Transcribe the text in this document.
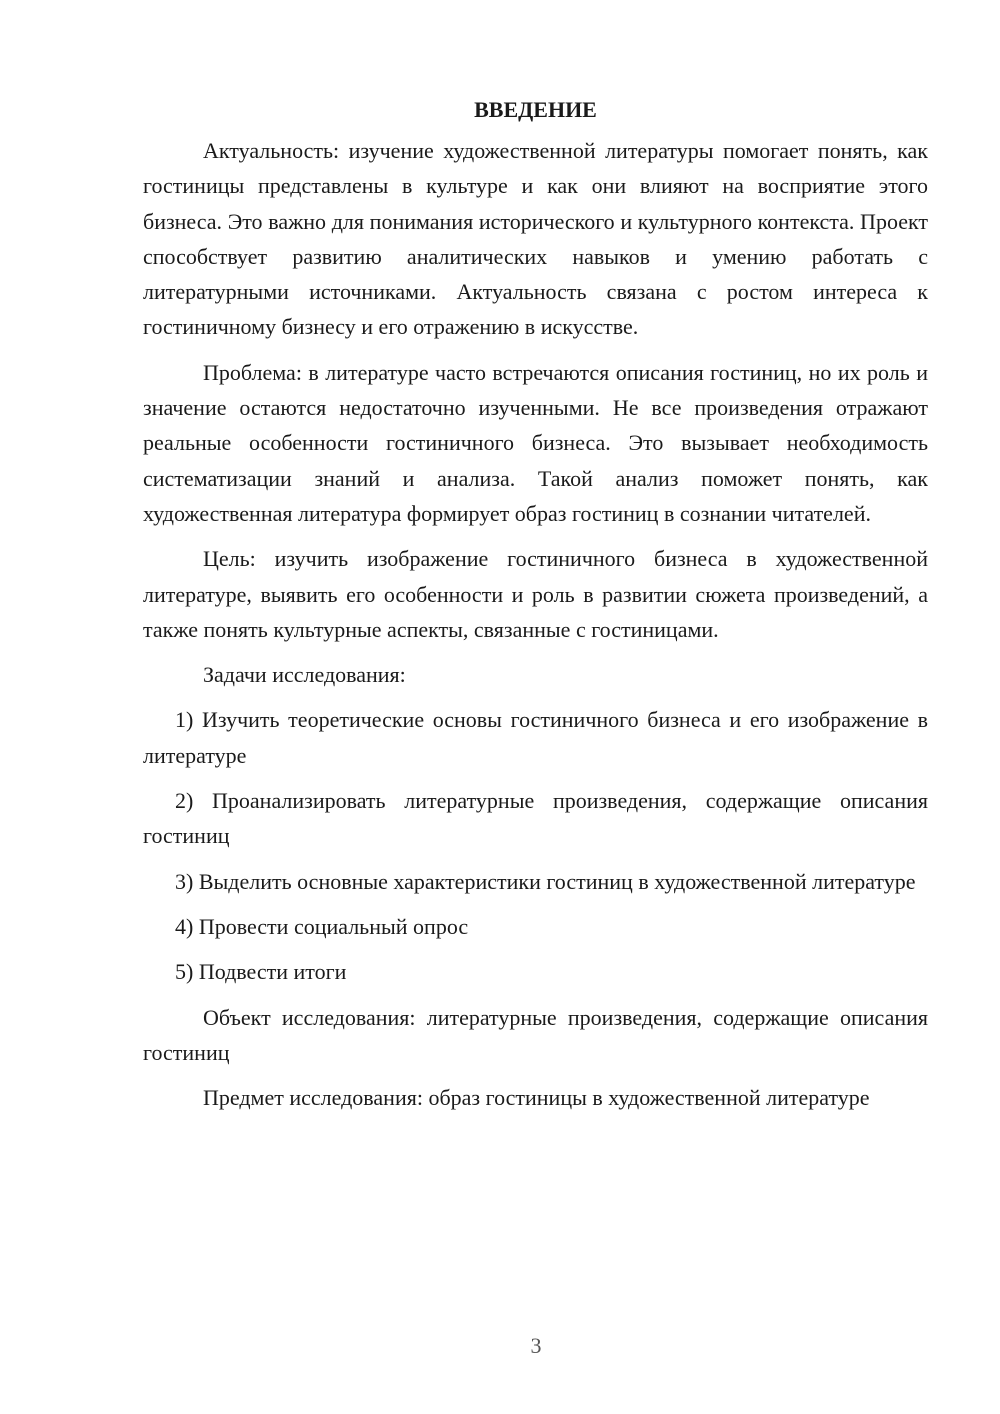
ВВЕДЕНИЕ

Актуальность: изучение художественной литературы помогает понять, как гостиницы представлены в культуре и как они влияют на восприятие этого бизнеса. Это важно для понимания исторического и культурного контекста. Проект способствует развитию аналитических навыков и умению работать с литературными источниками. Актуальность связана с ростом интереса к гостиничному бизнесу и его отражению в искусстве.

Проблема: в литературе часто встречаются описания гостиниц, но их роль и значение остаются недостаточно изученными. Не все произведения отражают реальные особенности гостиничного бизнеса. Это вызывает необходимость систематизации знаний и анализа. Такой анализ поможет понять, как художественная литература формирует образ гостиниц в сознании читателей.

Цель: изучить изображение гостиничного бизнеса в художественной литературе, выявить его особенности и роль в развитии сюжета произведений, а также понять культурные аспекты, связанные с гостиницами.

Задачи исследования:

1) Изучить теоретические основы гостиничного бизнеса и его изображение в литературе

2) Проанализировать литературные произведения, содержащие описания гостиниц

3) Выделить основные характеристики гостиниц в художественной литературе

4) Провести социальный опрос

5) Подвести итоги

Объект исследования: литературные произведения, содержащие описания гостиниц

Предмет исследования: образ гостиницы в художественной литературе

3
